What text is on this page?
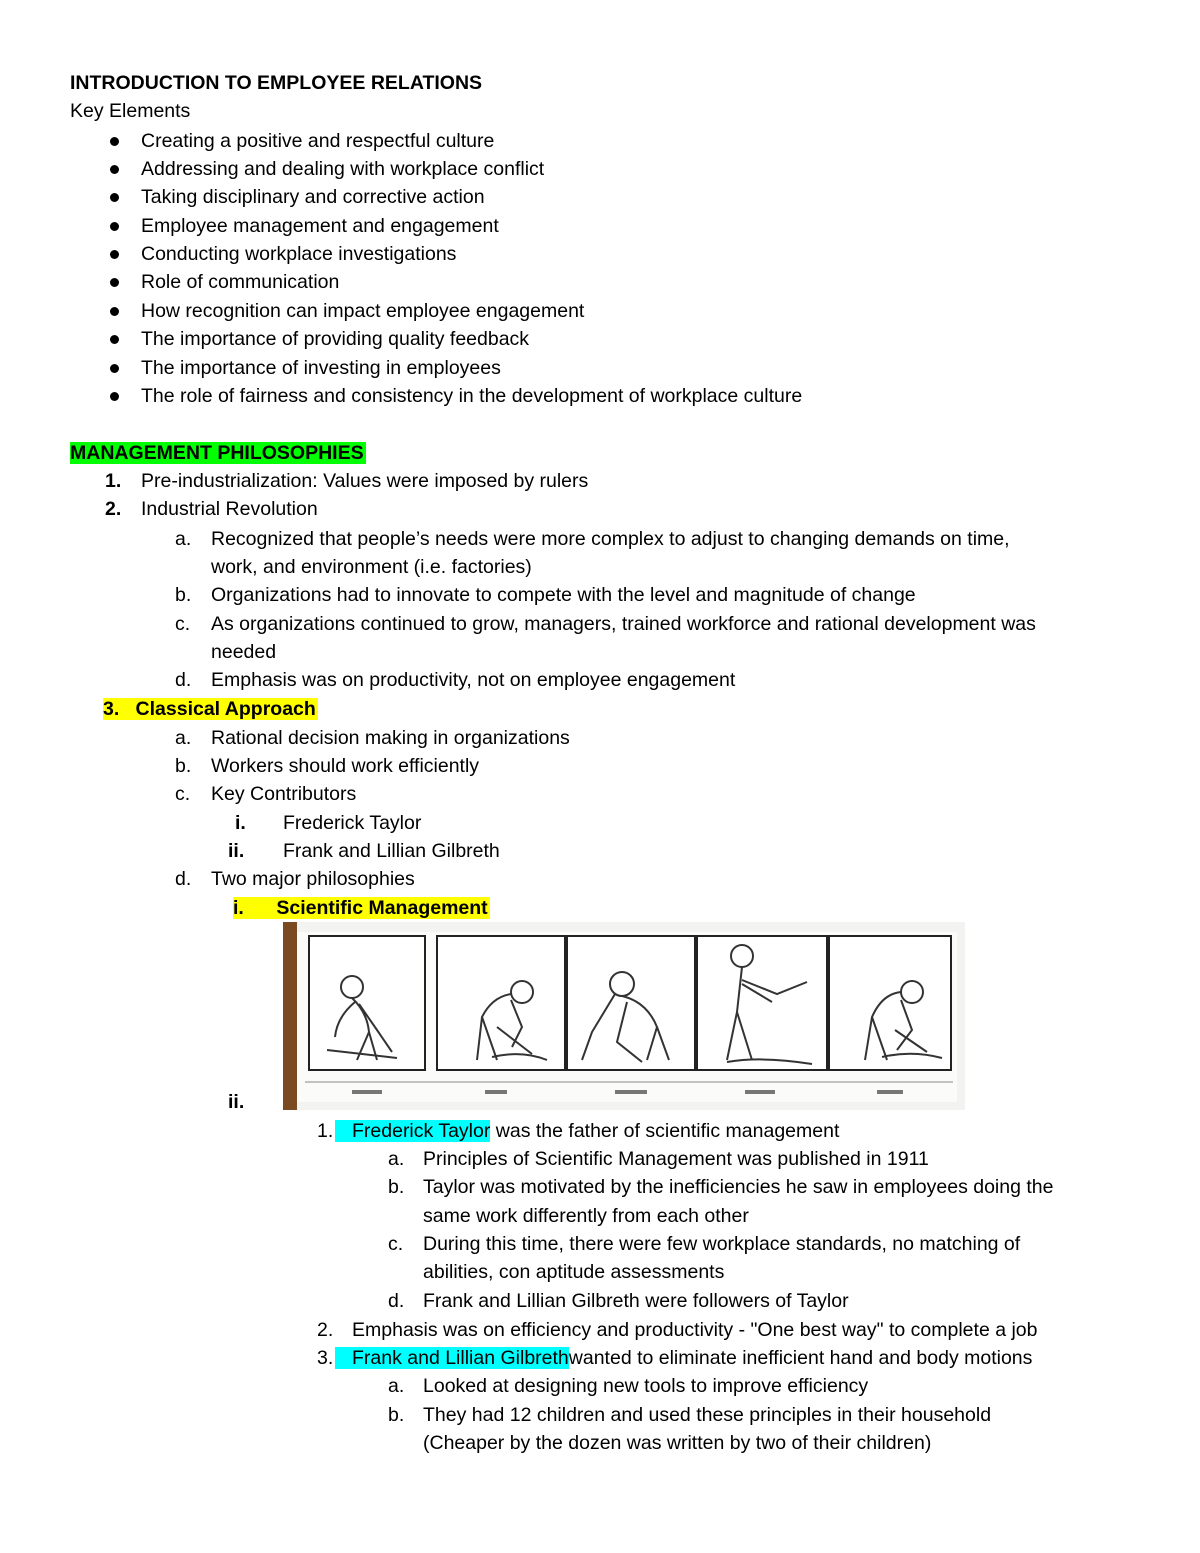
INTRODUCTION TO EMPLOYEE RELATIONS
Key Elements
Creating a positive and respectful culture
Addressing and dealing with workplace conflict
Taking disciplinary and corrective action
Employee management and engagement
Conducting workplace investigations
Role of communication
How recognition can impact employee engagement
The importance of providing quality feedback
The importance of investing in employees
The role of fairness and consistency in the development of workplace culture
MANAGEMENT PHILOSOPHIES
1. Pre-industrialization: Values were imposed by rulers
2. Industrial Revolution
a. Recognized that people’s needs were more complex to adjust to changing demands on time,
work, and environment (i.e. factories)
b. Organizations had to innovate to compete with the level and magnitude of change
c. As organizations continued to grow, managers, trained workforce and rational development was
needed
d. Emphasis was on productivity, not on employee engagement
3. Classical Approach
a. Rational decision making in organizations
b. Workers should work efficiently
c. Key Contributors
i. Frederick Taylor
ii. Frank and Lillian Gilbreth
d. Two major philosophies
i. Scientific Management
ii.
1. Frederick Taylor was the father of scientific management
a. Principles of Scientific Management was published in 1911
b. Taylor was motivated by the inefficiencies he saw in employees doing the
same work differently from each other
c. During this time, there were few workplace standards, no matching of
abilities, con aptitude assessments
d. Frank and Lillian Gilbreth were followers of Taylor
2. Emphasis was on efficiency and productivity - "One best way" to complete a job
3. Frank and Lillian Gilbrethwanted to eliminate inefficient hand and body motions
a. Looked at designing new tools to improve efficiency
b. They had 12 children and used these principles in their household
(Cheaper by the dozen was written by two of their children)
